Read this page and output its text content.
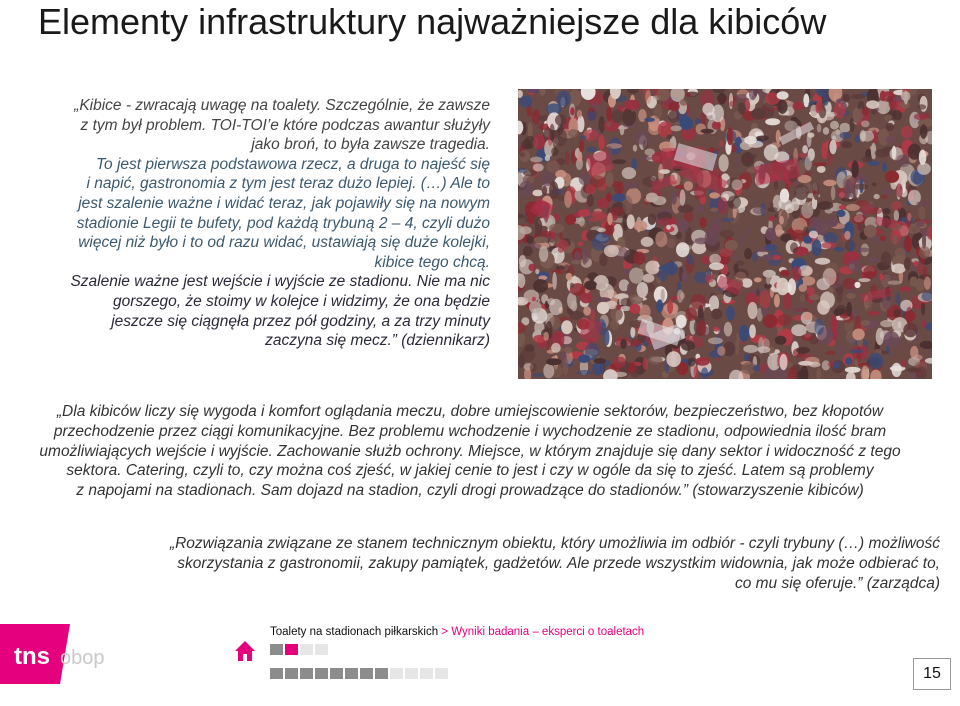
Elementy infrastruktury najważniejsze dla kibiców

„Kibice - zwracają uwagę na toalety. Szczególnie, że zawsze

z tym był problem. TOI-TOI’e które podczas awantur służyły

jako broń, to była zawsze tragedia.

To jest pierwsza podstawowa rzecz, a druga to najeść się

i napić, gastronomia z tym jest teraz dużo lepiej. (…) Ale to

jest szalenie ważne i widać teraz, jak pojawiły się na nowym

stadionie Legii te bufety, pod każdą trybuną 2 – 4, czyli dużo

więcej niż było i to od razu widać, ustawiają się duże kolejki,

kibice tego chcą.

Szalenie ważne jest wejście i wyjście ze stadionu. Nie ma nic

gorszego, że stoimy w kolejce i widzimy, że ona będzie

jeszcze się ciągnęła przez pół godziny, a za trzy minuty

zaczyna się mecz.” (dziennikarz)

„Dla kibiców liczy się wygoda i komfort oglądania meczu, dobre umiejscowienie sektorów, bezpieczeństwo, bez kłopotów

przechodzenie przez ciągi komunikacyjne. Bez problemu wchodzenie i wychodzenie ze stadionu, odpowiednia ilość bram

umożliwiających wejście i wyjście. Zachowanie służb ochrony. Miejsce, w którym znajduje się dany sektor i widoczność z tego

sektora. Catering, czyli to, czy można coś zjeść, w jakiej cenie to jest i czy w ogóle da się to zjeść. Latem są problemy

z napojami na stadionach. Sam dojazd na stadion, czyli drogi prowadzące do stadionów.” (stowarzyszenie kibiców)

„Rozwiązania związane ze stanem technicznym obiektu, który umożliwia im odbiór - czyli trybuny (…) możliwość

skorzystania z gastronomii, zakupy pamiątek, gadżetów. Ale przede wszystkim widownia, jak może odbierać to,

co mu się oferuje.” (zarządca)

tns obop
Toalety na stadionach piłkarskich > Wyniki badania – eksperci o toaletach
15
